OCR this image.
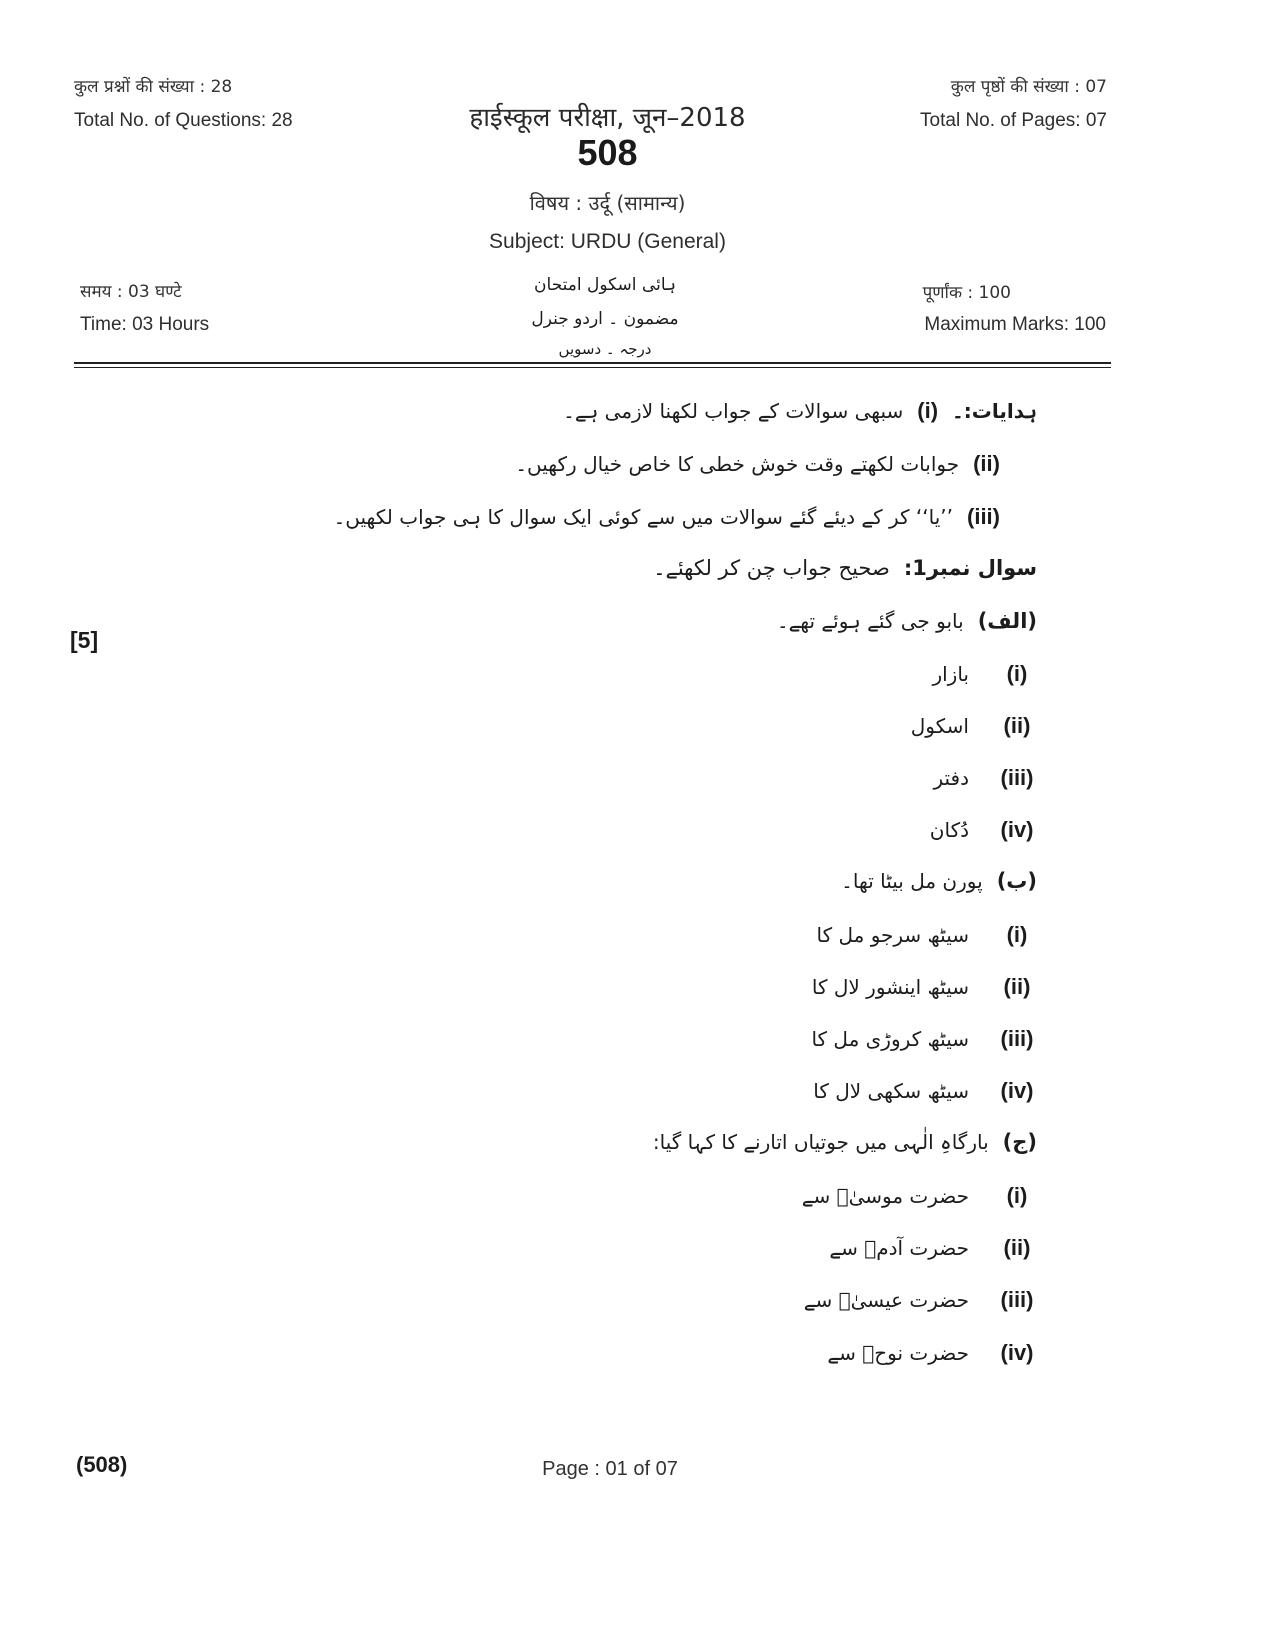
कुल प्रश्नों की संख्या : 28
Total No. of Questions: 28
कुल पृष्ठों की संख्या : 07
Total No. of Pages: 07
हाईस्कूल परीक्षा, जून–2018
508
विषय : उर्दू (सामान्य)
Subject: URDU (General)
समय : 03 घण्टे
Time: 03 Hours
पूर्णांक : 100
Maximum Marks: 100
ہائی اسکول امتحان
مضمون ۔ اردو جنرل
درجہ ۔ دسویں
ہدایات:۔
(i)
سبھی سوالات کے جواب لکھنا لازمی ہے۔
(ii)
جوابات لکھتے وقت خوش خطی کا خاص خیال رکھیں۔
(iii)
’’یا‘‘ کر کے دیئے گئے سوالات میں سے کوئی ایک سوال کا ہی جواب لکھیں۔
سوال نمبر1:
صحیح جواب چن کر لکھئے۔
[5]
(الف)
بابو جی گئے ہوئے تھے۔
(i)
بازار
(ii)
اسکول
(iii)
دفتر
(iv)
دُکان
(ب)
پورن مل بیٹا تھا۔
(i)
سیٹھ سرجو مل کا
(ii)
سیٹھ اینشور لال کا
(iii)
سیٹھ کروڑی مل کا
(iv)
سیٹھ سکھی لال کا
(ج)
بارگاہِ الٰہی میں جوتیاں اتارنے کا کہا گیا:
(i)
حضرت موسیٰؑ سے
(ii)
حضرت آدمؑ سے
(iii)
حضرت عیسیٰؑ سے
(iv)
حضرت نوحؑ سے
(508)	Page : 01 of 07
